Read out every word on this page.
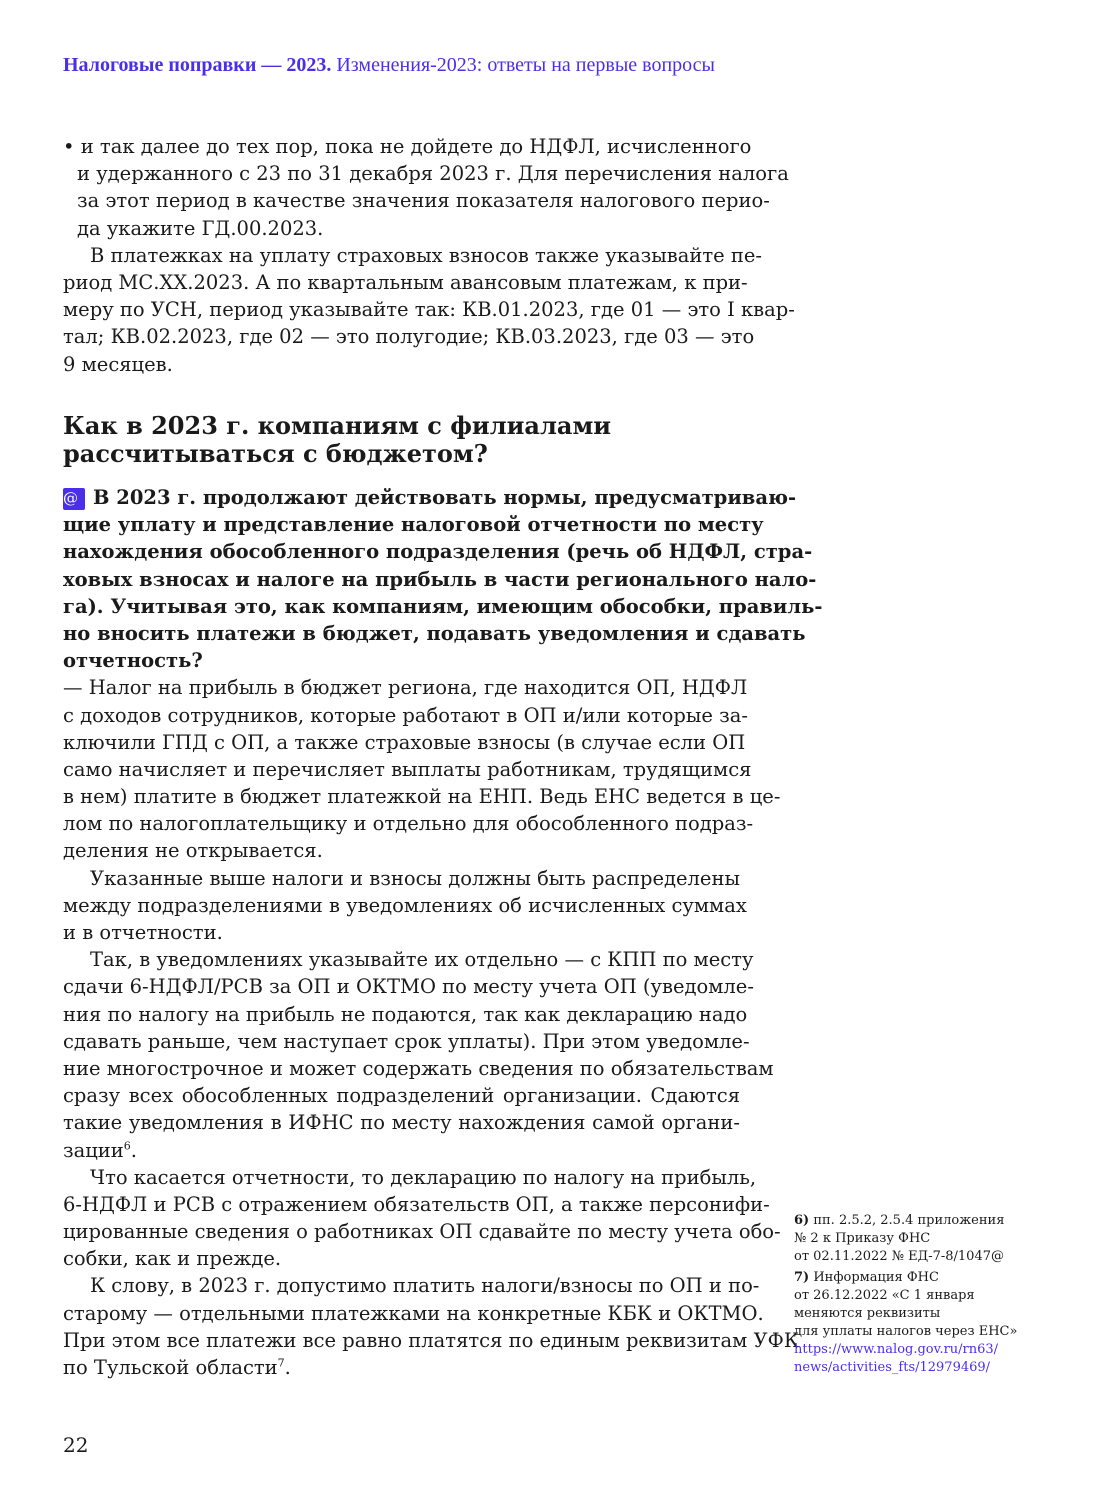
Налоговые поправки — 2023. Изменения-2023: ответы на первые вопросы
• и так далее до тех пор, пока не дойдете до НДФЛ, исчисленного
и удержанного с 23 по 31 декабря 2023 г. Для перечисления налога
за этот период в качестве значения показателя налогового перио-
да укажите ГД.00.2023.
В платежках на уплату страховых взносов также указывайте пе-
риод МС.ХХ.2023. А по квартальным авансовым платежам, к при-
меру по УСН, период указывайте так: КВ.01.2023, где 01 — это I квар-
тал; КВ.02.2023, где 02 — это полугодие; КВ.03.2023, где 03 — это
9 месяцев.
Как в 2023 г. компаниям с филиалами
рассчитываться с бюджетом?
@ В 2023 г. продолжают действовать нормы, предусматриваю-
щие уплату и представление налоговой отчетности по месту
нахождения обособленного подразделения (речь об НДФЛ, стра-
ховых взносах и налоге на прибыль в части регионального нало-
га). Учитывая это, как компаниям, имеющим обособки, правиль-
но вносить платежи в бюджет, подавать уведомления и сдавать
отчетность?
— Налог на прибыль в бюджет региона, где находится ОП, НДФЛ
с доходов сотрудников, которые работают в ОП и/или которые за-
ключили ГПД с ОП, а также страховые взносы (в случае если ОП
само начисляет и перечисляет выплаты работникам, трудящимся
в нем) платите в бюджет платежкой на ЕНП. Ведь ЕНС ведется в це-
лом по налогоплательщику и отдельно для обособленного подраз-
деления не открывается.
Указанные выше налоги и взносы должны быть распределены
между подразделениями в уведомлениях об исчисленных суммах
и в отчетности.
Так, в уведомлениях указывайте их отдельно — с КПП по месту
сдачи 6-НДФЛ/РСВ за ОП и ОКТМО по месту учета ОП (уведомле-
ния по налогу на прибыль не подаются, так как декларацию надо
сдавать раньше, чем наступает срок уплаты). При этом уведомле-
ние многострочное и может содержать сведения по обязательствам
сразу всех обособленных подразделений организации. Сдаются
такие уведомления в ИФНС по месту нахождения самой органи-
зации$^6$.
Что касается отчетности, то декларацию по налогу на прибыль,
6-НДФЛ и РСВ с отражением обязательств ОП, а также персонифи-
цированные сведения о работниках ОП сдавайте по месту учета обо-
собки, как и прежде.
К слову, в 2023 г. допустимо платить налоги/взносы по ОП и по-
старому — отдельными платежками на конкретные КБК и ОКТМО.
При этом все платежи все равно платятся по единым реквизитам УФК
по Тульской области$^7$.
6) пп. 2.5.2, 2.5.4 приложения
№ 2 к Приказу ФНС
от 02.11.2022 № ЕД-7-8/1047@
7) Информация ФНС
от 26.12.2022 «С 1 января
меняются реквизиты
для уплаты налогов через ЕНС»
https://www.nalog.gov.ru/rn63/
news/activities_fts/12979469/
22
